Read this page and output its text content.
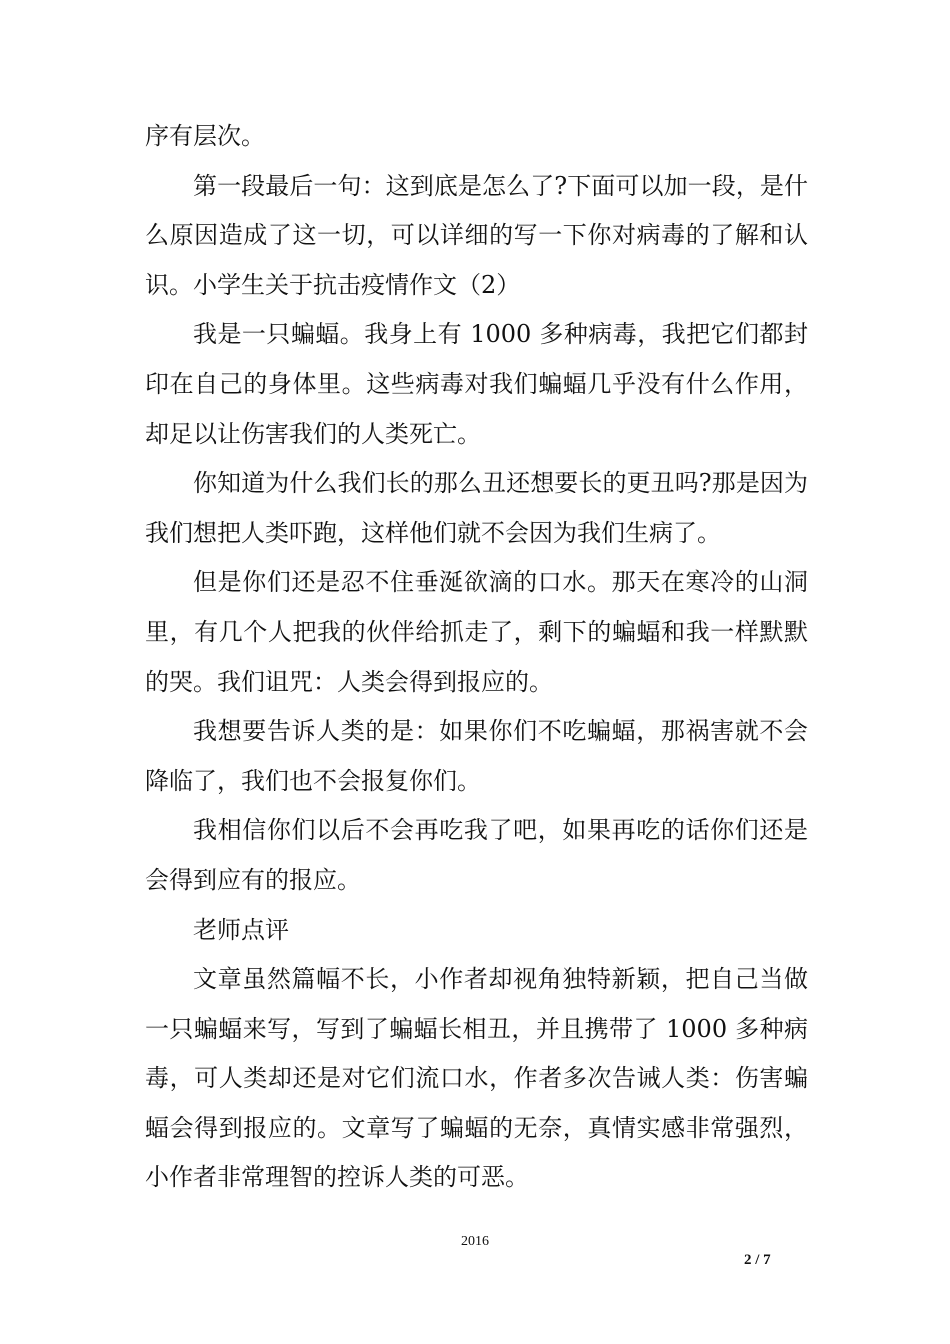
序有层次。

第一段最后一句：这到底是怎么了?下面可以加一段，是什么原因造成了这一切，可以详细的写一下你对病毒的了解和认识。小学生关于抗击疫情作文（2）

我是一只蝙蝠。我身上有 1000 多种病毒，我把它们都封印在自己的身体里。这些病毒对我们蝙蝠几乎没有什么作用，却足以让伤害我们的人类死亡。

你知道为什么我们长的那么丑还想要长的更丑吗?那是因为我们想把人类吓跑，这样他们就不会因为我们生病了。

但是你们还是忍不住垂涎欲滴的口水。那天在寒冷的山洞里，有几个人把我的伙伴给抓走了，剩下的蝙蝠和我一样默默的哭。我们诅咒：人类会得到报应的。

我想要告诉人类的是：如果你们不吃蝙蝠，那祸害就不会降临了，我们也不会报复你们。

我相信你们以后不会再吃我了吧，如果再吃的话你们还是会得到应有的报应。

老师点评

文章虽然篇幅不长，小作者却视角独特新颖，把自己当做一只蝙蝠来写，写到了蝙蝠长相丑，并且携带了 1000 多种病毒，可人类却还是对它们流口水，作者多次告诫人类：伤害蝙蝠会得到报应的。文章写了蝙蝠的无奈，真情实感非常强烈，小作者非常理智的控诉人类的可恶。

2016
2 / 7
